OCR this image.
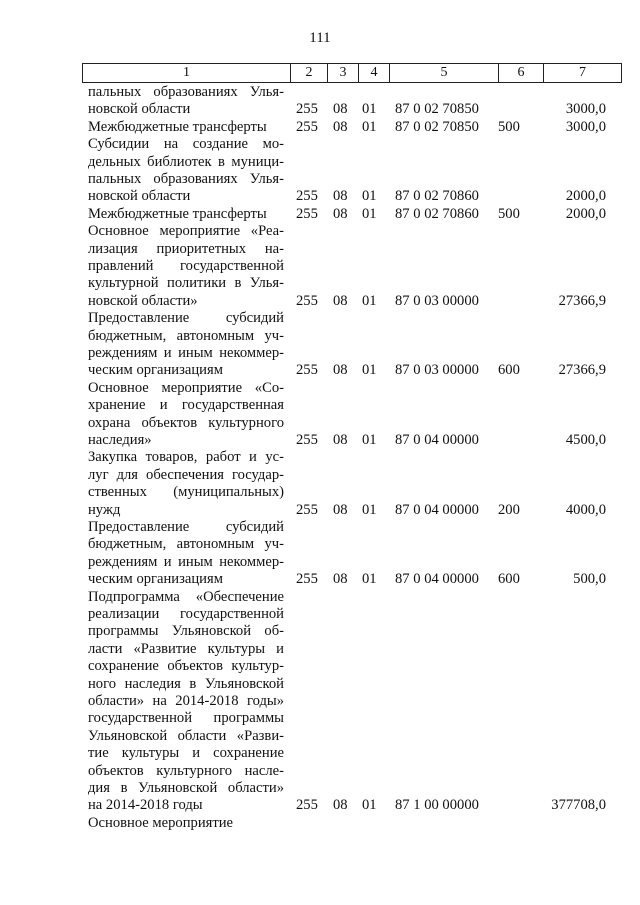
111
1	2	3	4	5	6	7
пальных образованиях Улья-
новской области	255 08 01 87 0 02 70850	3000,0
Межбюджетные трансферты	255 08 01 87 0 02 70850 500	3000,0
Субсидии на создание мо-
дельных библиотек в муници-
пальных образованиях Улья-
новской области	255 08 01 87 0 02 70860	2000,0
Межбюджетные трансферты	255 08 01 87 0 02 70860 500	2000,0
Основное мероприятие «Реа-
лизация приоритетных на-
правлений государственной
культурной политики в Улья-
новской области»	255 08 01 87 0 03 00000	27366,9
Предоставление субсидий
бюджетным, автономным уч-
реждениям и иным некоммер-
ческим организациям	255 08 01 87 0 03 00000 600	27366,9
Основное мероприятие «Со-
хранение и государственная
охрана объектов культурного
наследия»	255 08 01 87 0 04 00000	4500,0
Закупка товаров, работ и ус-
луг для обеспечения государ-
ственных (муниципальных)
нужд	255 08 01 87 0 04 00000 200	4000,0
Предоставление субсидий
бюджетным, автономным уч-
реждениям и иным некоммер-
ческим организациям	255 08 01 87 0 04 00000 600	500,0
Подпрограмма «Обеспечение
реализации государственной
программы Ульяновской об-
ласти «Развитие культуры и
сохранение объектов культур-
ного наследия в Ульяновской
области» на 2014-2018 годы»
государственной программы
Ульяновской области «Разви-
тие культуры и сохранение
объектов культурного насле-
дия в Ульяновской области»
на 2014-2018 годы	255 08 01 87 1 00 00000	377708,0
Основное мероприятие
